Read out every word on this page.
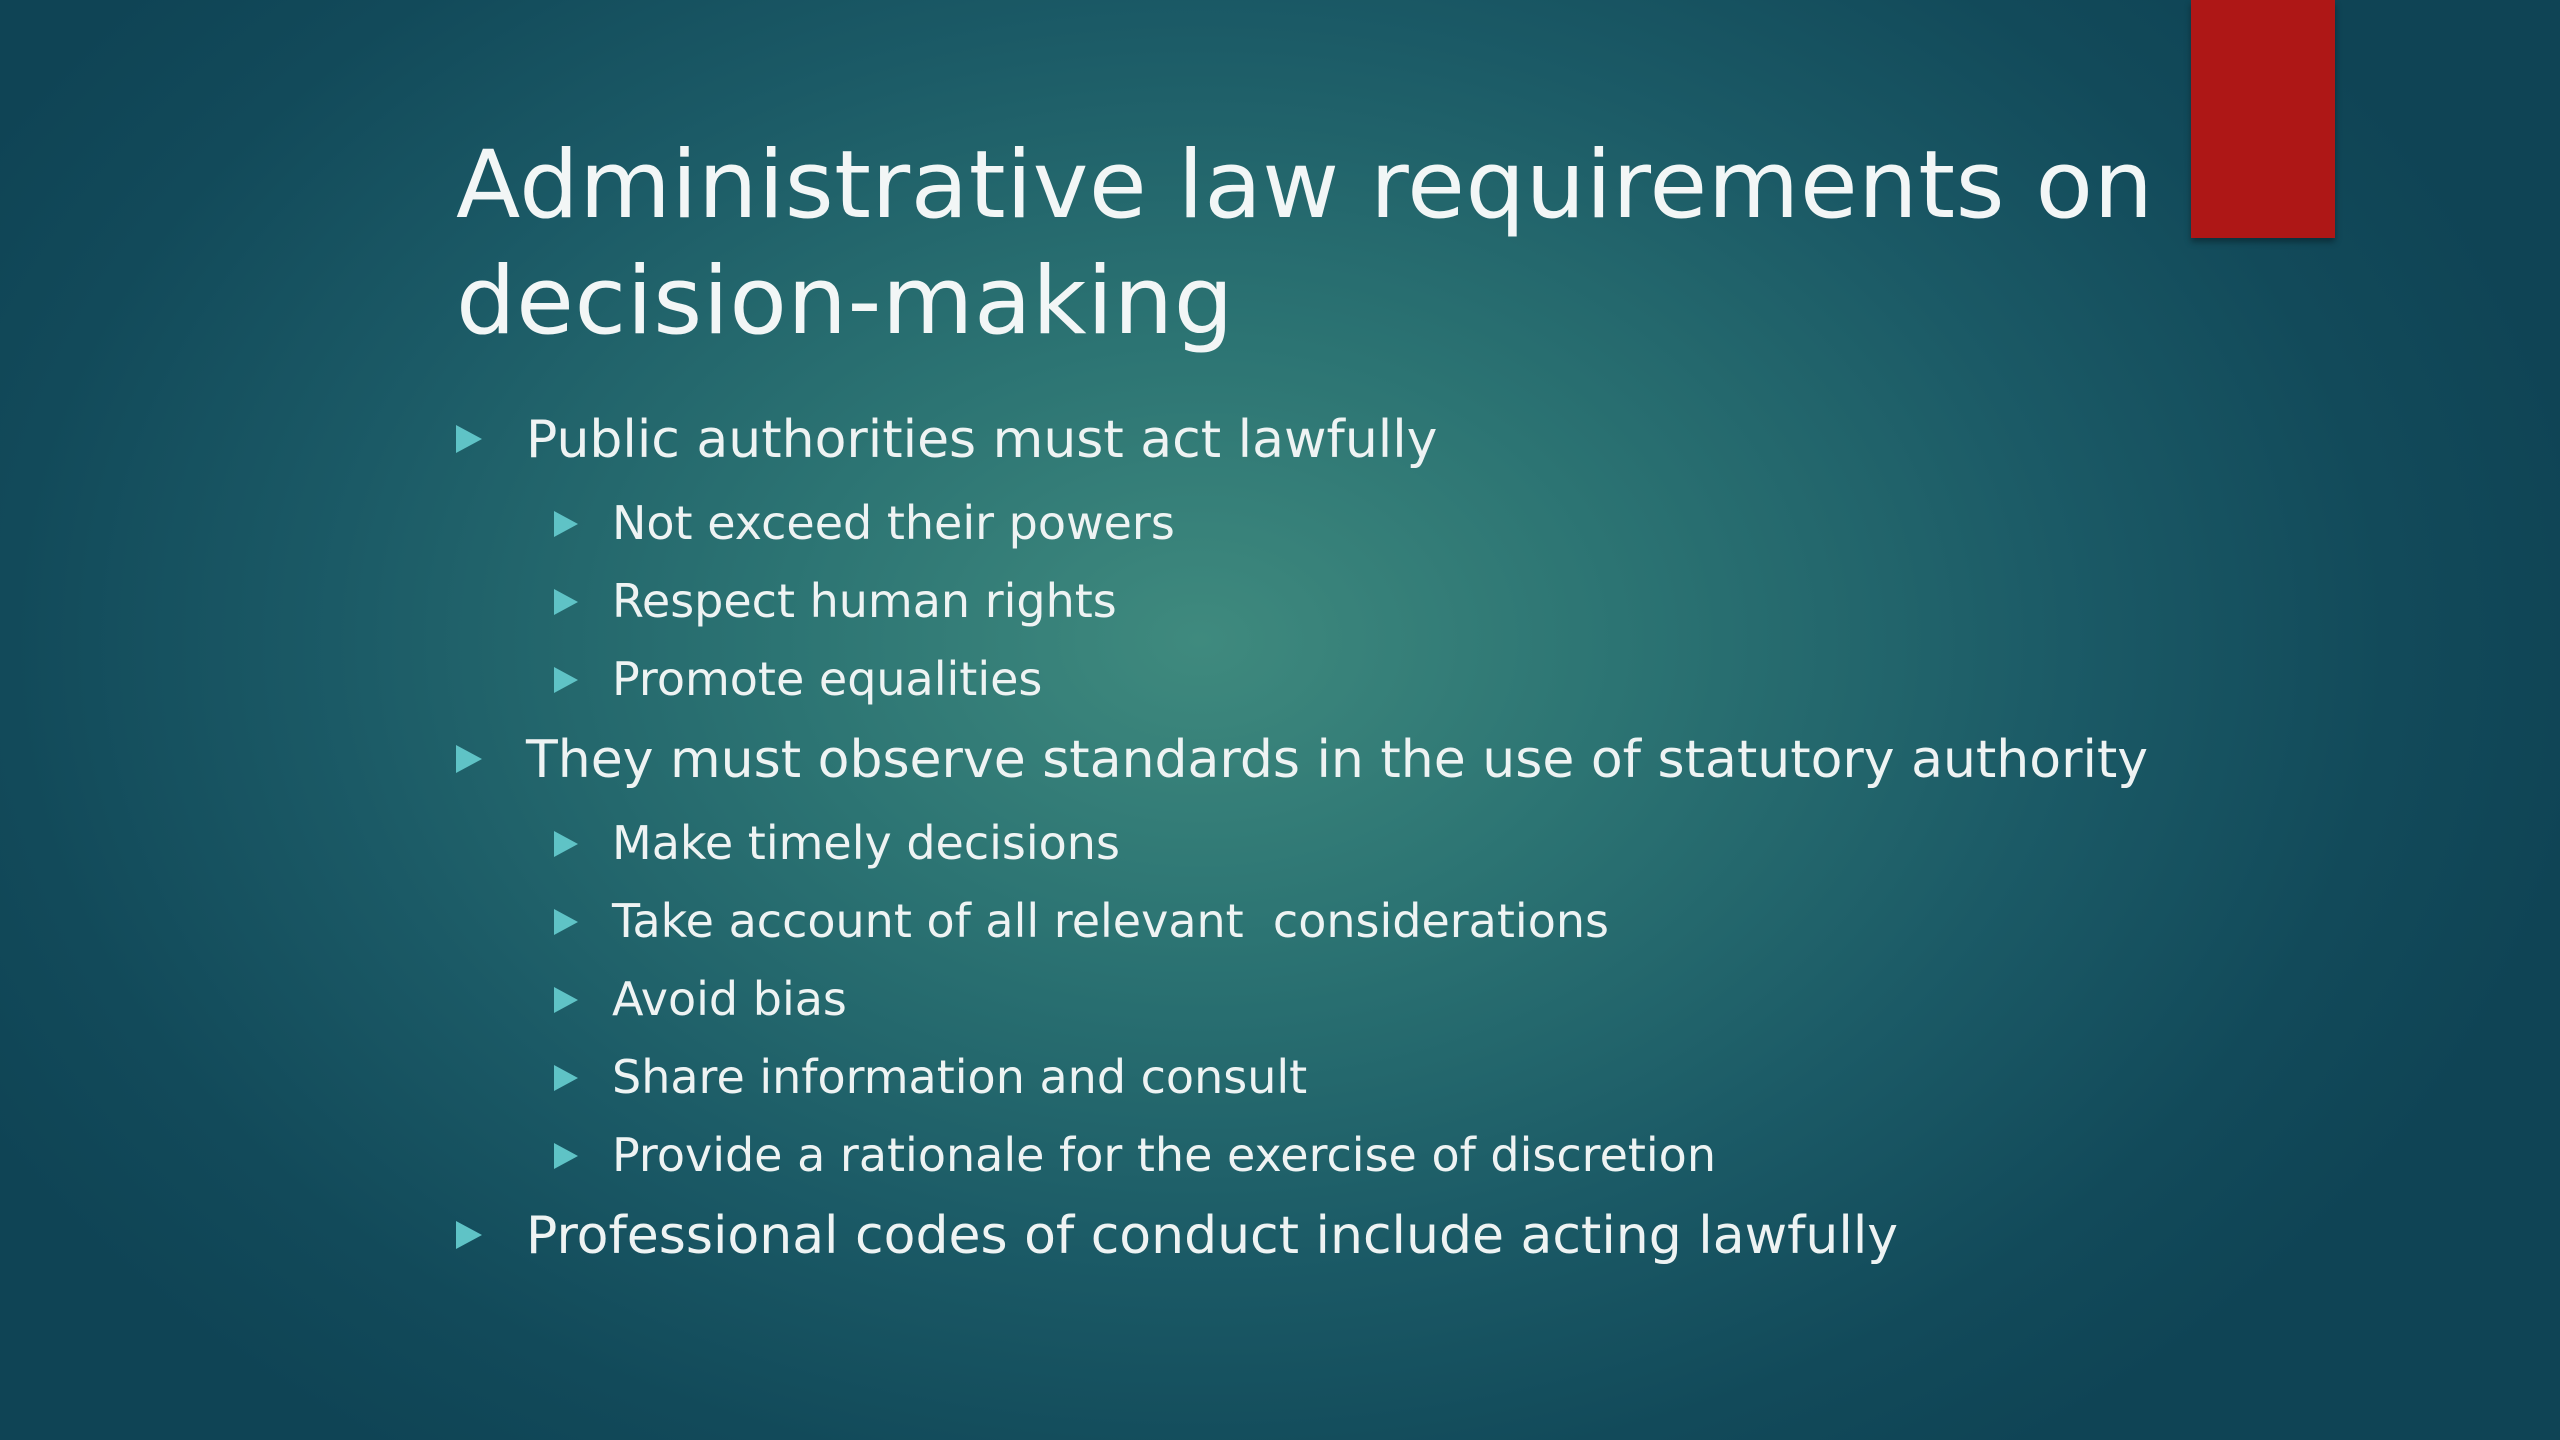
Administrative law requirements on
decision-making
Public authorities must act lawfully
Not exceed their powers
Respect human rights
Promote equalities
They must observe standards in the use of statutory authority
Make timely decisions
Take account of all relevant  considerations
Avoid bias
Share information and consult
Provide a rationale for the exercise of discretion
Professional codes of conduct include acting lawfully
